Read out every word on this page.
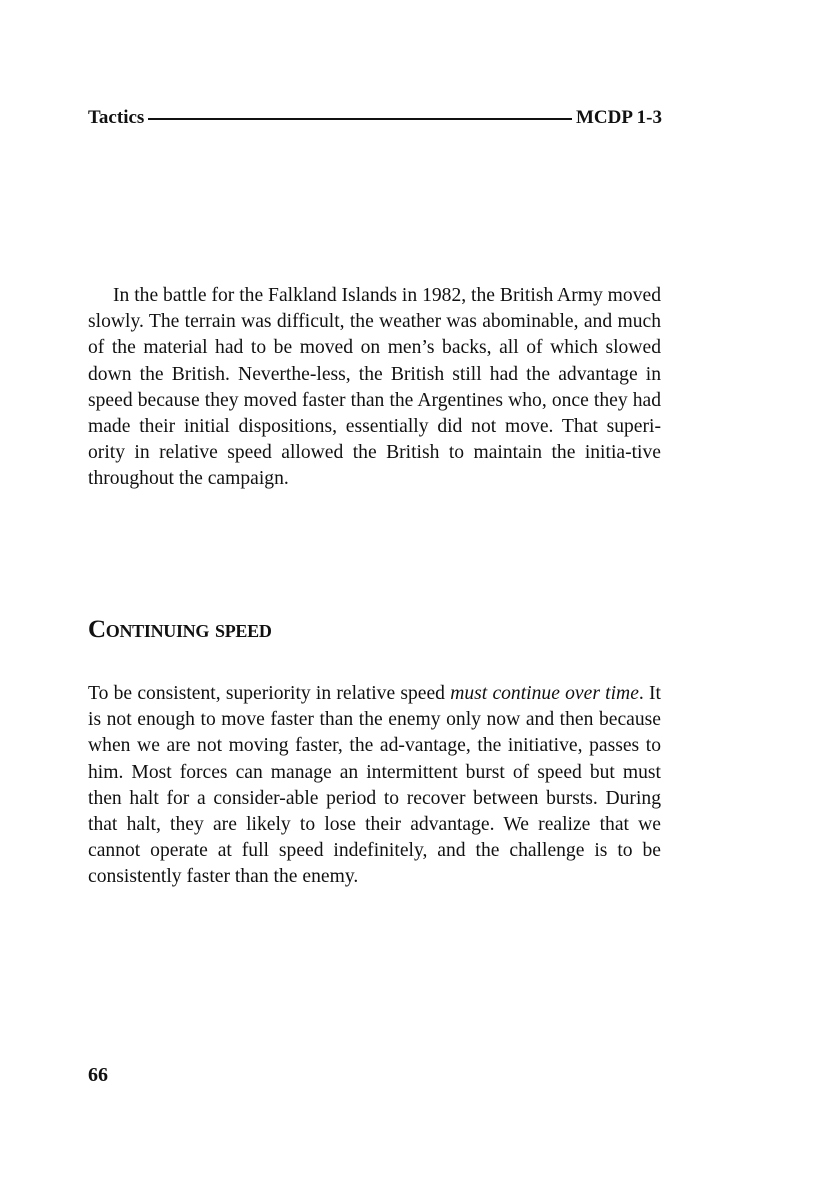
Tactics	MCDP 1-3

In the battle for the Falkland Islands in 1982, the British Army moved slowly. The terrain was difficult, the weather was abominable, and much of the material had to be moved on men’s backs, all of which slowed down the British. Neverthe-less, the British still had the advantage in speed because they moved faster than the Argentines who, once they had made their initial dispositions, essentially did not move. That superi-ority in relative speed allowed the British to maintain the initia-tive throughout the campaign.

Continuing speed

To be consistent, superiority in relative speed must continue over time. It is not enough to move faster than the enemy only now and then because when we are not moving faster, the ad-vantage, the initiative, passes to him. Most forces can manage an intermittent burst of speed but must then halt for a consider-able period to recover between bursts. During that halt, they are likely to lose their advantage. We realize that we cannot operate at full speed indefinitely, and the challenge is to be consistently faster than the enemy.

66
